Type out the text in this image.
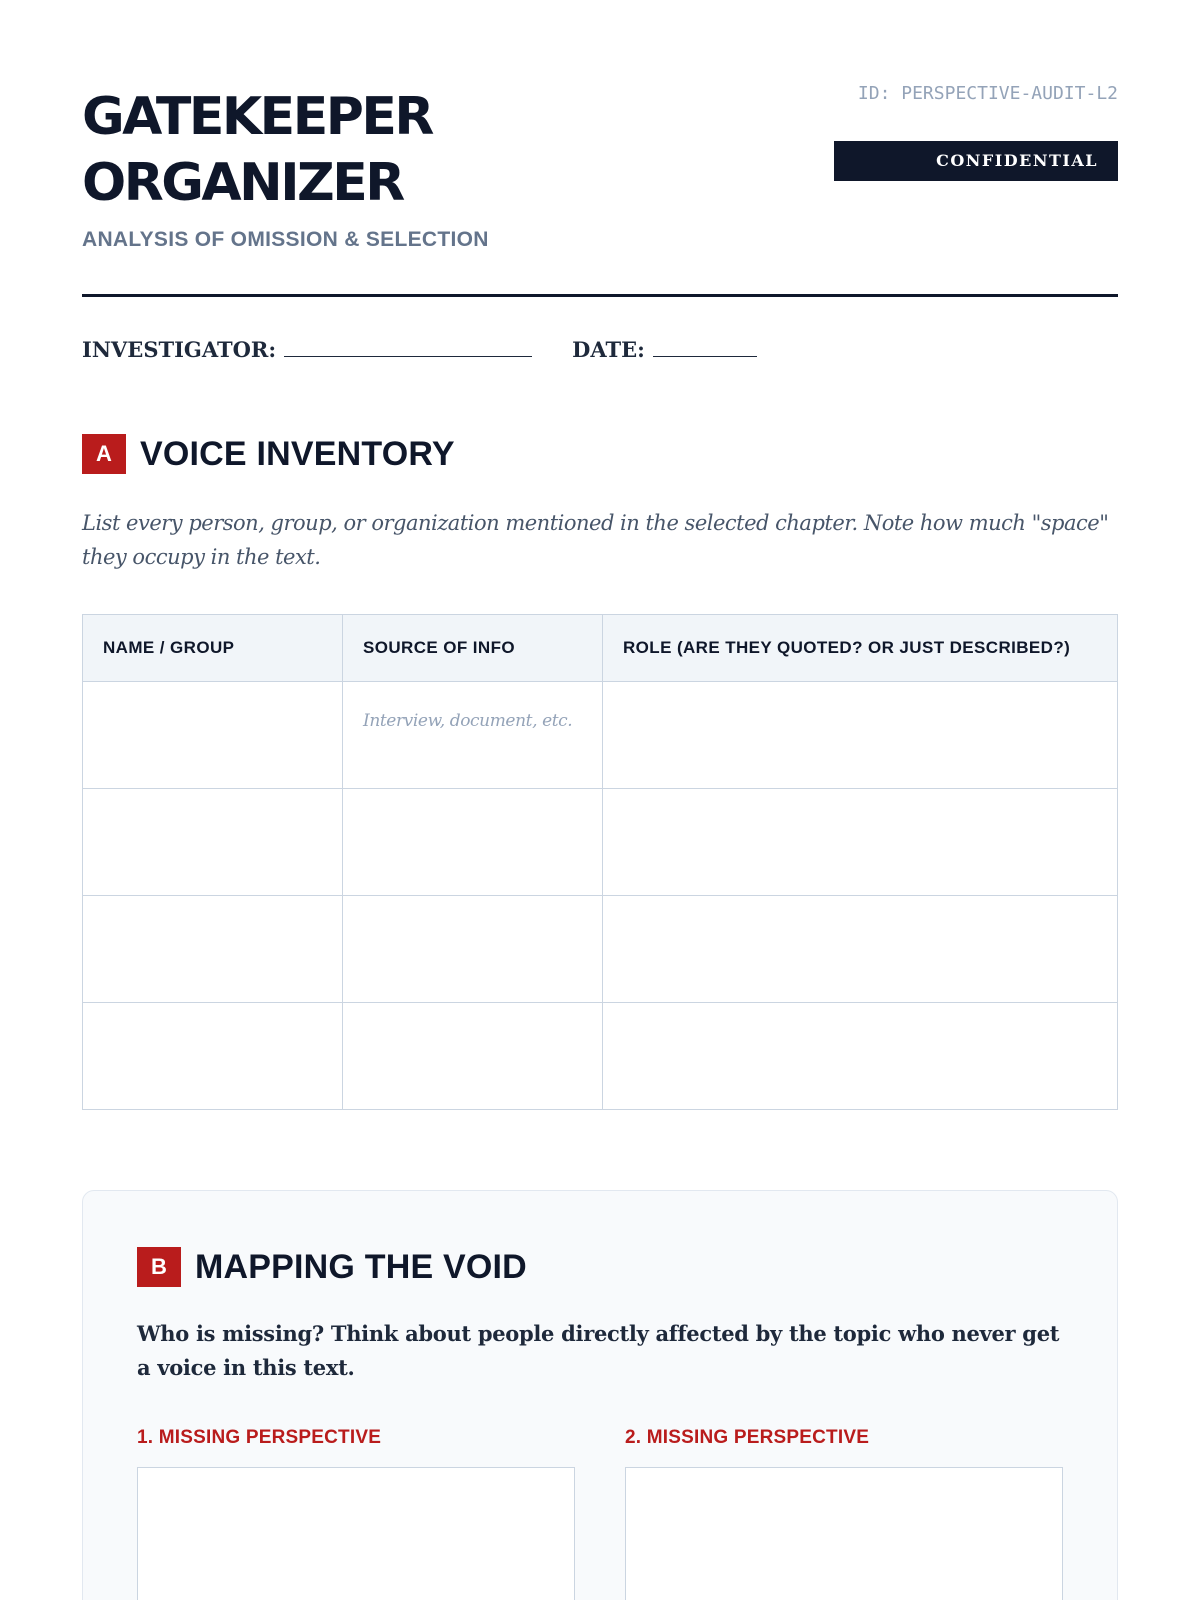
GATEKEEPER
ORGANIZER
ANALYSIS OF OMISSION & SELECTION
ID: PERSPECTIVE-AUDIT-L2
CONFIDENTIAL
INVESTIGATOR:	DATE:
A VOICE INVENTORY

List every person, group, or organization mentioned in the selected chapter. Note how much "space" they occupy in the text.

NAME / GROUP	SOURCE OF INFO	ROLE (ARE THEY QUOTED? OR JUST DESCRIBED?)

	Interview, document, etc.	

B MAPPING THE VOID

Who is missing? Think about people directly affected by the topic who never get a voice in this text.

1. MISSING PERSPECTIVE	2. MISSING PERSPECTIVE
